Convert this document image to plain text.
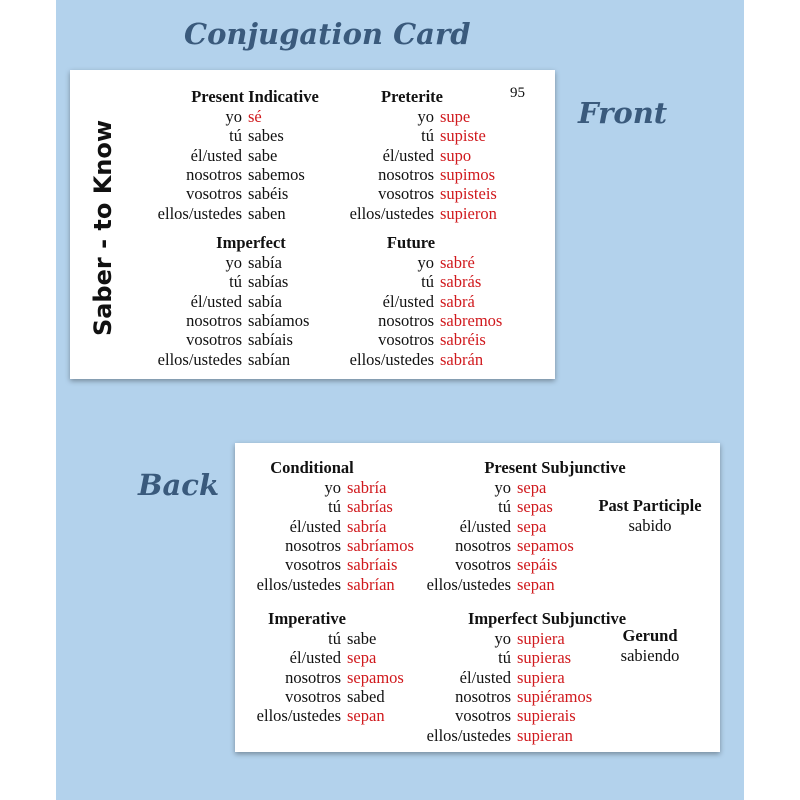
Conjugation Card
Front
Back
Saber - to Know
95
Present Indicative
yo sé
tú sabes
él/usted sabe
nosotros sabemos
vosotros sabéis
ellos/ustedes saben
Preterite
yo supe
tú supiste
él/usted supo
nosotros supimos
vosotros supisteis
ellos/ustedes supieron
Imperfect
yo sabía
tú sabías
él/usted sabía
nosotros sabíamos
vosotros sabíais
ellos/ustedes sabían
Future
yo sabré
tú sabrás
él/usted sabrá
nosotros sabremos
vosotros sabréis
ellos/ustedes sabrán
Conditional
yo sabría
tú sabrías
él/usted sabría
nosotros sabríamos
vosotros sabríais
ellos/ustedes sabrían
Present Subjunctive
yo sepa
tú sepas
él/usted sepa
nosotros sepamos
vosotros sepáis
ellos/ustedes sepan
Imperative
tú sabe
él/usted sepa
nosotros sepamos
vosotros sabed
ellos/ustedes sepan
Imperfect Subjunctive
yo supiera
tú supieras
él/usted supiera
nosotros supiéramos
vosotros supierais
ellos/ustedes supieran
Past Participle
sabido
Gerund
sabiendo
